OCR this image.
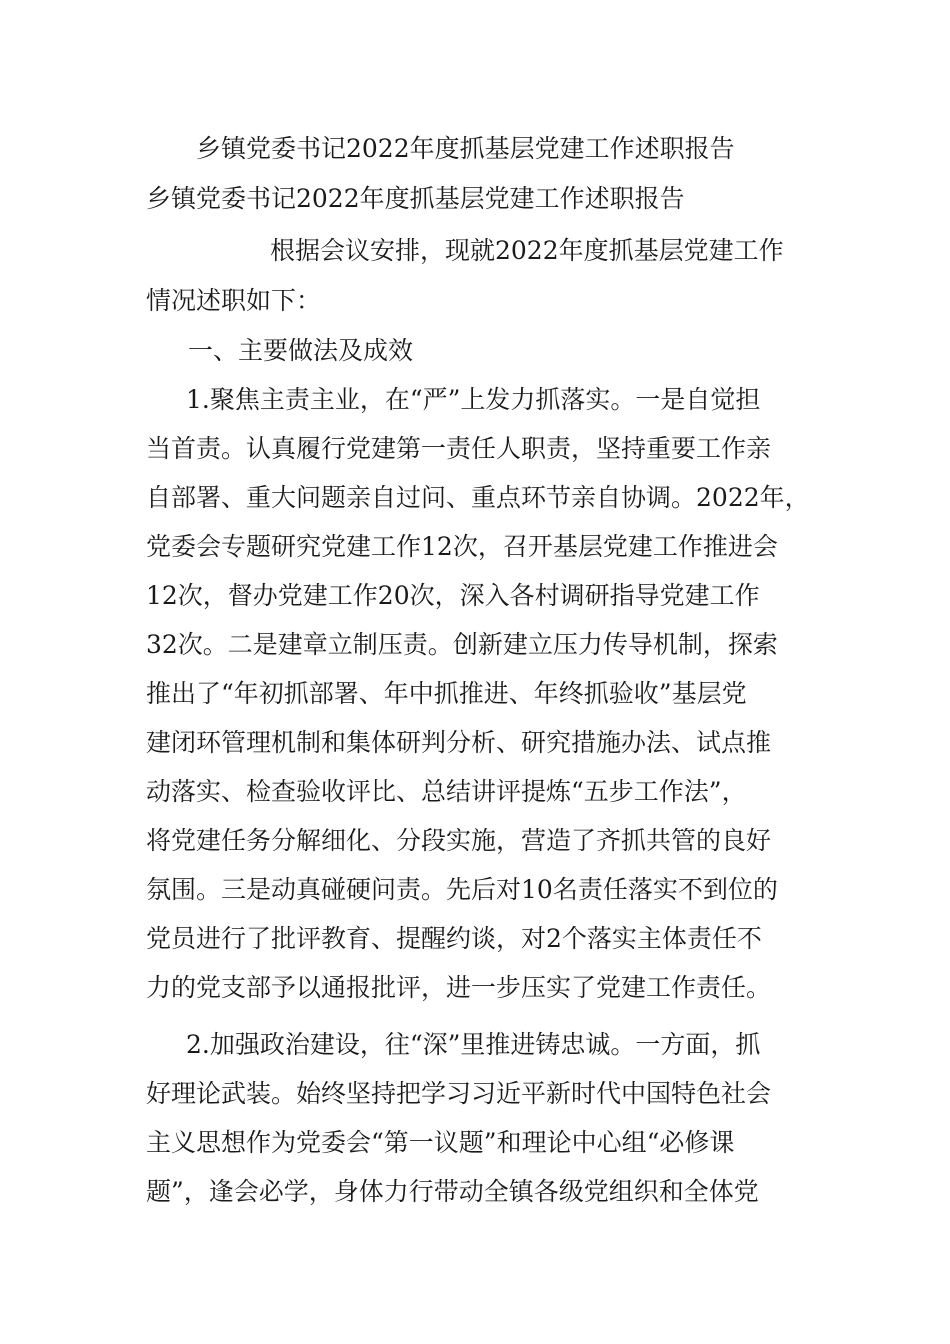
乡镇党委书记2022年度抓基层党建工作述职报告
乡镇党委书记2022年度抓基层党建工作述职报告
根据会议安排，现就2022年度抓基层党建工作
情况述职如下：
一、主要做法及成效
1.聚焦主责主业，在“严”上发力抓落实。一是自觉担
当首责。认真履行党建第一责任人职责，坚持重要工作亲
自部署、重大问题亲自过问、重点环节亲自协调。2022年，
党委会专题研究党建工作12次，召开基层党建工作推进会
12次，督办党建工作20次，深入各村调研指导党建工作
32次。二是建章立制压责。创新建立压力传导机制，探索
推出了“年初抓部署、年中抓推进、年终抓验收”基层党
建闭环管理机制和集体研判分析、研究措施办法、试点推
动落实、检查验收评比、总结讲评提炼“五步工作法”，
将党建任务分解细化、分段实施，营造了齐抓共管的良好
氛围。三是动真碰硬问责。先后对10名责任落实不到位的
党员进行了批评教育、提醒约谈，对2个落实主体责任不
力的党支部予以通报批评，进一步压实了党建工作责任。
2.加强政治建设，往“深”里推进铸忠诚。一方面，抓
好理论武装。始终坚持把学习习近平新时代中国特色社会
主义思想作为党委会“第一议题”和理论中心组“必修课
题”，逢会必学，身体力行带动全镇各级党组织和全体党
